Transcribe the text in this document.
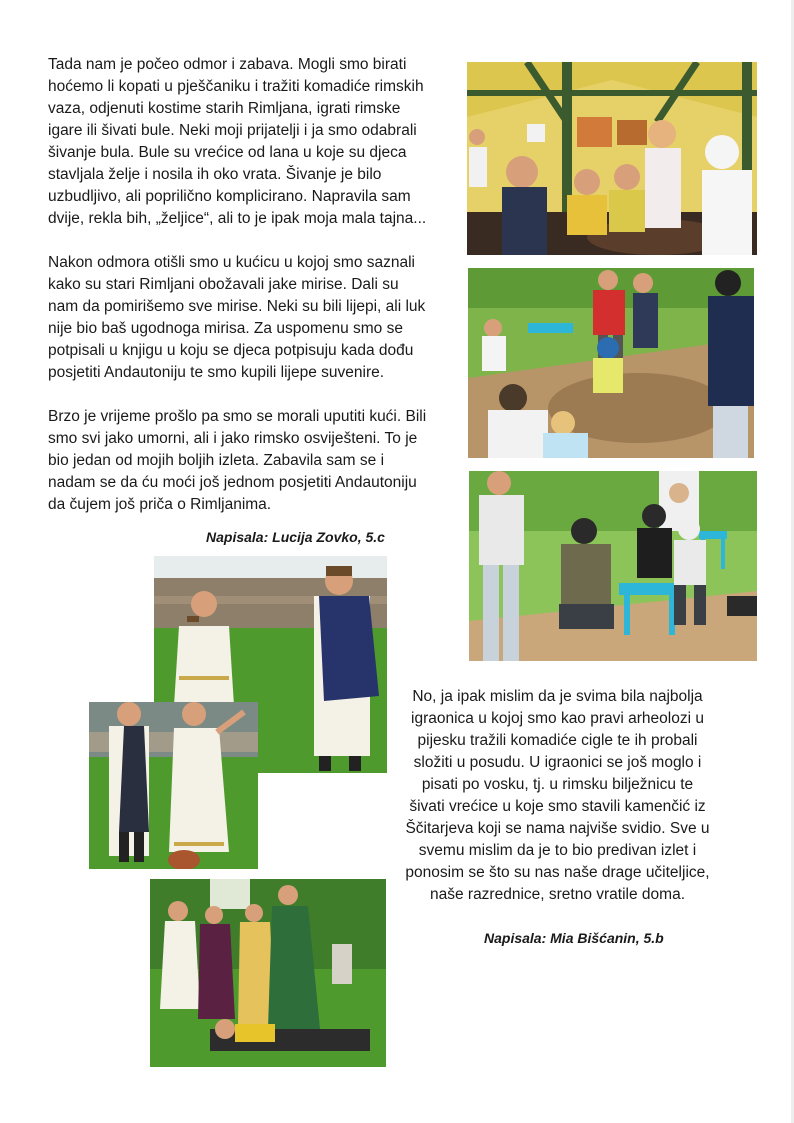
Tada nam je počeo odmor i zabava. Mogli smo birati
hoćemo li kopati u pješčaniku i tražiti komadiće rimskih
vaza, odjenuti kostime starih Rimljana, igrati rimske
igare ili šivati bule. Neki moji prijatelji i ja smo odabrali
šivanje bula. Bule su vrećice od lana u koje su djeca
stavljala želje i nosila ih oko vrata. Šivanje je bilo
uzbudljivo, ali poprilično komplicirano. Napravila sam
dvije, rekla bih, „željice“, ali to je ipak moja mala tajna...

Nakon odmora otišli smo u kućicu u kojoj smo saznali
kako su stari Rimljani obožavali jake mirise. Dali su
nam da pomirišemo sve mirise. Neki su bili lijepi, ali luk
nije bio baš ugodnoga mirisa. Za uspomenu smo se
potpisali u knjigu u koju se djeca potpisuju kada dođu
posjetiti Andautoniju te smo kupili lijepe suvenire.

Brzo je vrijeme prošlo pa smo se morali uputiti kući. Bili
smo svi jako umorni, ali i jako rimsko osviješteni. To je
bio jedan od mojih boljih izleta. Zabavila sam se i
nadam se da ću moći još jednom posjetiti Andautoniju
da čujem još priča o Rimljanima.

Napisala: Lucija Zovko, 5.c

No, ja ipak mislim da je svima bila najbolja
igraonica u kojoj smo kao pravi arheolozi u
pijesku tražili komadiće cigle te ih probali
složiti u posudu. U igraonici se još moglo i
pisati po vosku, tj. u rimsku bilježnicu te
šivati vrećice u koje smo stavili kamenčić iz
Ščitarjeva koji se nama najviše svidio. Sve u
svemu mislim da je to bio predivan izlet i
ponosim se što su nas naše drage učiteljice,
naše razrednice, sretno vratile doma.

Napisala: Mia Bišćanin, 5.b
